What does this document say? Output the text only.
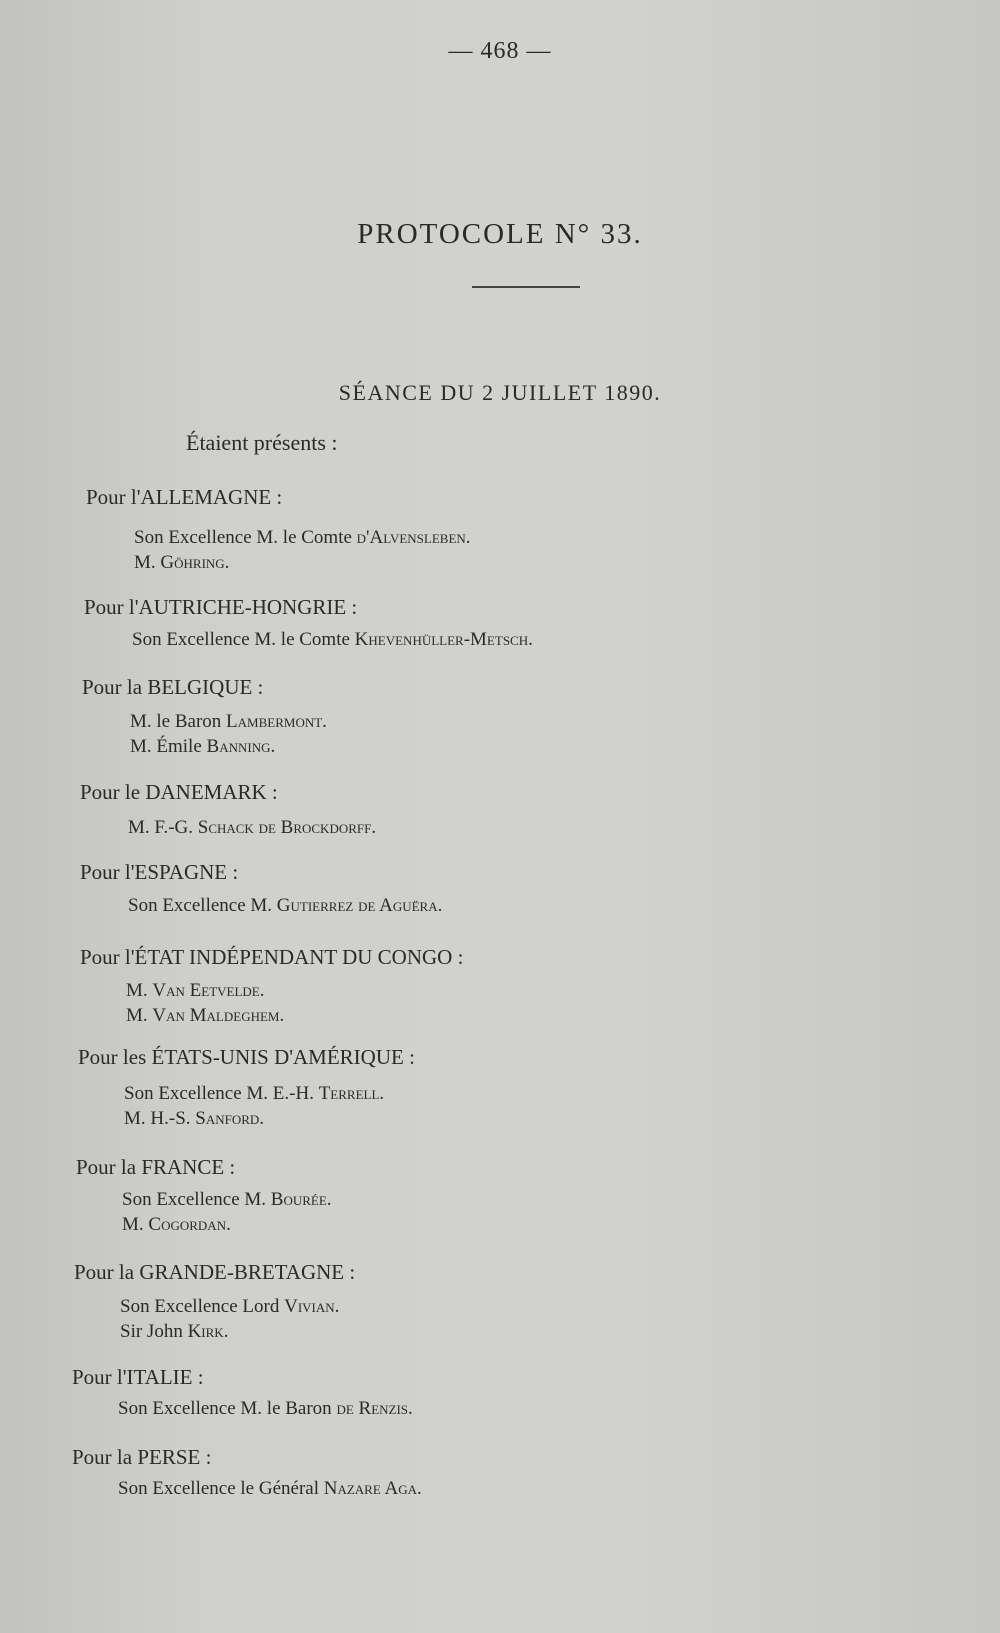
— 468 —
PROTOCOLE N° 33.
SÉANCE DU 2 JUILLET 1890.
Étaient présents :
Pour l'ALLEMAGNE :
Son Excellence M. le Comte d'Alvensleben.
M. Göhring.
Pour l'AUTRICHE-HONGRIE :
Son Excellence M. le Comte Khevenhüller-Metsch.
Pour la BELGIQUE :
M. le Baron Lambermont.
M. Émile Banning.
Pour le DANEMARK :
M. F.-G. Schack de Brockdorff.
Pour l'ESPAGNE :
Son Excellence M. Gutierrez de Aguëra.
Pour l'ÉTAT INDÉPENDANT DU CONGO :
M. Van Eetvelde.
M. Van Maldeghem.
Pour les ÉTATS-UNIS D'AMÉRIQUE :
Son Excellence M. E.-H. Terrell.
M. H.-S. Sanford.
Pour la FRANCE :
Son Excellence M. Bourée.
M. Cogordan.
Pour la GRANDE-BRETAGNE :
Son Excellence Lord Vivian.
Sir John Kirk.
Pour l'ITALIE :
Son Excellence M. le Baron de Renzis.
Pour la PERSE :
Son Excellence le Général Nazare Aga.
